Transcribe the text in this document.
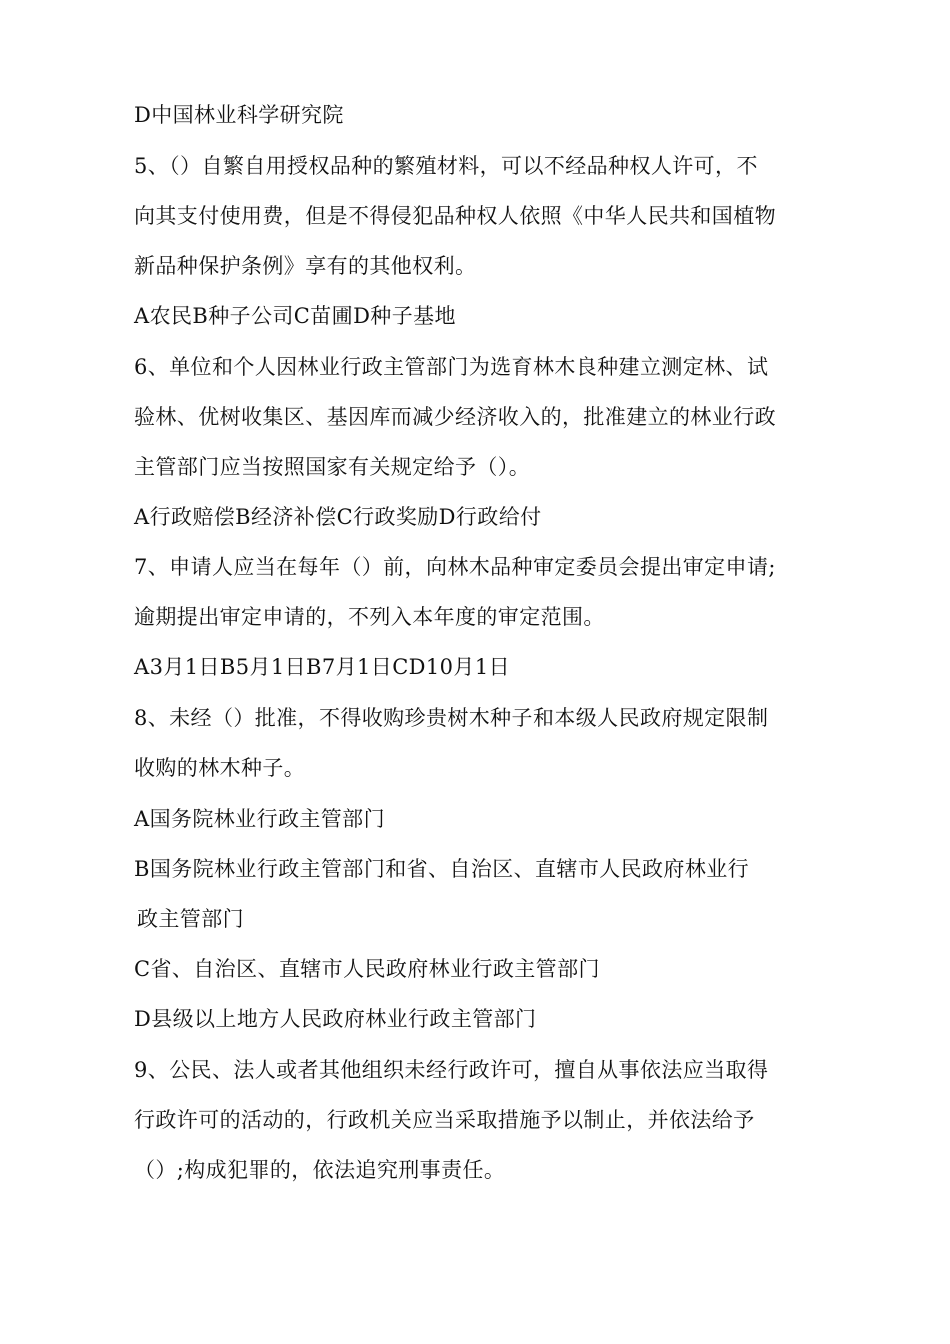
D中国林业科学研究院
5、（）自繁自用授权品种的繁殖材料，可以不经品种权人许可，不
向其支付使用费，但是不得侵犯品种权人依照《中华人民共和国植物
新品种保护条例》享有的其他权利。
A农民B种子公司C苗圃D种子基地
6、单位和个人因林业行政主管部门为选育林木良种建立测定林、试
验林、优树收集区、基因库而减少经济收入的，批准建立的林业行政
主管部门应当按照国家有关规定给予（）。
A行政赔偿B经济补偿C行政奖励D行政给付
7、申请人应当在每年（）前，向林木品种审定委员会提出审定申请;
逾期提出审定申请的，不列入本年度的审定范围。
A3月1日B5月1日B7月1日CD10月1日
8、未经（）批准，不得收购珍贵树木种子和本级人民政府规定限制
收购的林木种子。
A国务院林业行政主管部门
B国务院林业行政主管部门和省、自治区、直辖市人民政府林业行
政主管部门
C省、自治区、直辖市人民政府林业行政主管部门
D县级以上地方人民政府林业行政主管部门
9、公民、法人或者其他组织未经行政许可，擅自从事依法应当取得
行政许可的活动的，行政机关应当采取措施予以制止，并依法给予
（）;构成犯罪的，依法追究刑事责任。
